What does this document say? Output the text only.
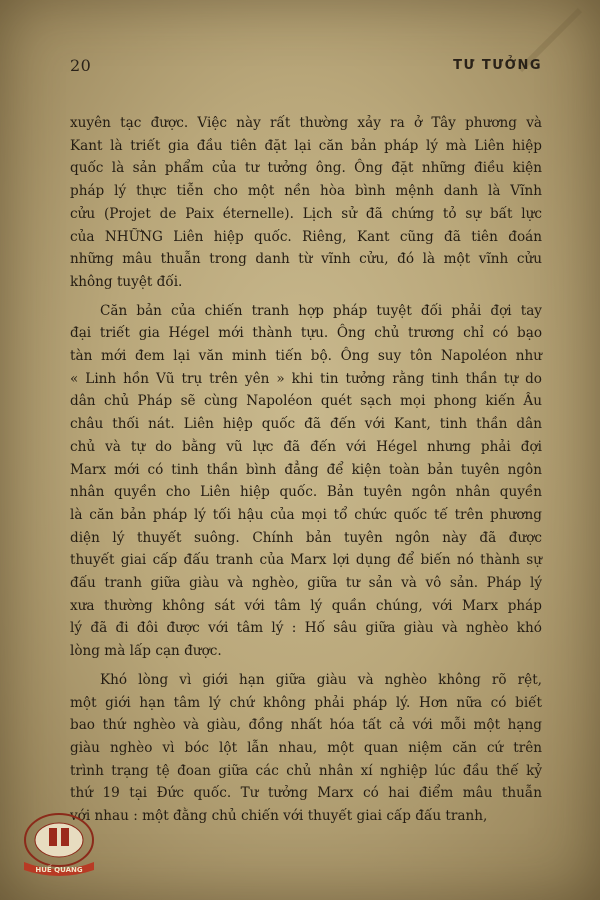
20	TƯ TƯỞNG
xuyên tạc được. Việc này rất thường xảy ra ở Tây phương và
Kant là triết gia đầu tiên đặt lại căn bản pháp lý mà Liên hiệp
quốc là sản phẩm của tư tưởng ông. Ông đặt những điều kiện
pháp lý thực tiễn cho một nền hòa bình mệnh danh là Vĩnh
cửu (Projet de Paix éternelle). Lịch sử đã chứng tỏ sự bất lực
của NHỮNG Liên hiệp quốc. Riêng, Kant cũng đã tiên đoán
những mâu thuẫn trong danh từ vĩnh cửu, đó là một vĩnh cửu
không tuyệt đối.
Căn bản của chiến tranh hợp pháp tuyệt đối phải đợi tay
đại triết gia Hégel mới thành tựu. Ông chủ trương chỉ có bạo
tàn mới đem lại văn minh tiến bộ. Ông suy tôn Napoléon như
« Linh hồn Vũ trụ trên yên » khi tin tưởng rằng tinh thần tự do
dân chủ Pháp sẽ cùng Napoléon quét sạch mọi phong kiến Âu
châu thối nát. Liên hiệp quốc đã đến với Kant, tinh thần dân
chủ và tự do bằng vũ lực đã đến với Hégel nhưng phải đợi
Marx mới có tinh thần bình đẳng để kiện toàn bản tuyên ngôn
nhân quyền cho Liên hiệp quốc. Bản tuyên ngôn nhân quyền
là căn bản pháp lý tối hậu của mọi tổ chức quốc tế trên phương
diện lý thuyết suông. Chính bản tuyên ngôn này đã được
thuyết giai cấp đấu tranh của Marx lợi dụng để biến nó thành sự
đấu tranh giữa giàu và nghèo, giữa tư sản và vô sản. Pháp lý
xưa thường không sát với tâm lý quần chúng, với Marx pháp
lý đã đi đôi được với tâm lý : Hố sâu giữa giàu và nghèo khó
lòng mà lấp cạn được.
Khó lòng vì giới hạn giữa giàu và nghèo không rõ rệt,
một giới hạn tâm lý chứ không phải pháp lý. Hơn nữa có biết
bao thứ nghèo và giàu, đồng nhất hóa tất cả với mỗi một hạng
giàu nghèo vì bóc lột lẫn nhau, một quan niệm căn cứ trên
trình trạng tệ đoan giữa các chủ nhân xí nghiệp lúc đầu thế kỷ
thứ 19 tại Đức quốc. Tư tưởng Marx có hai điểm mâu thuẫn
với nhau : một đằng chủ chiến với thuyết giai cấp đấu tranh,
HUẾ QUANG
